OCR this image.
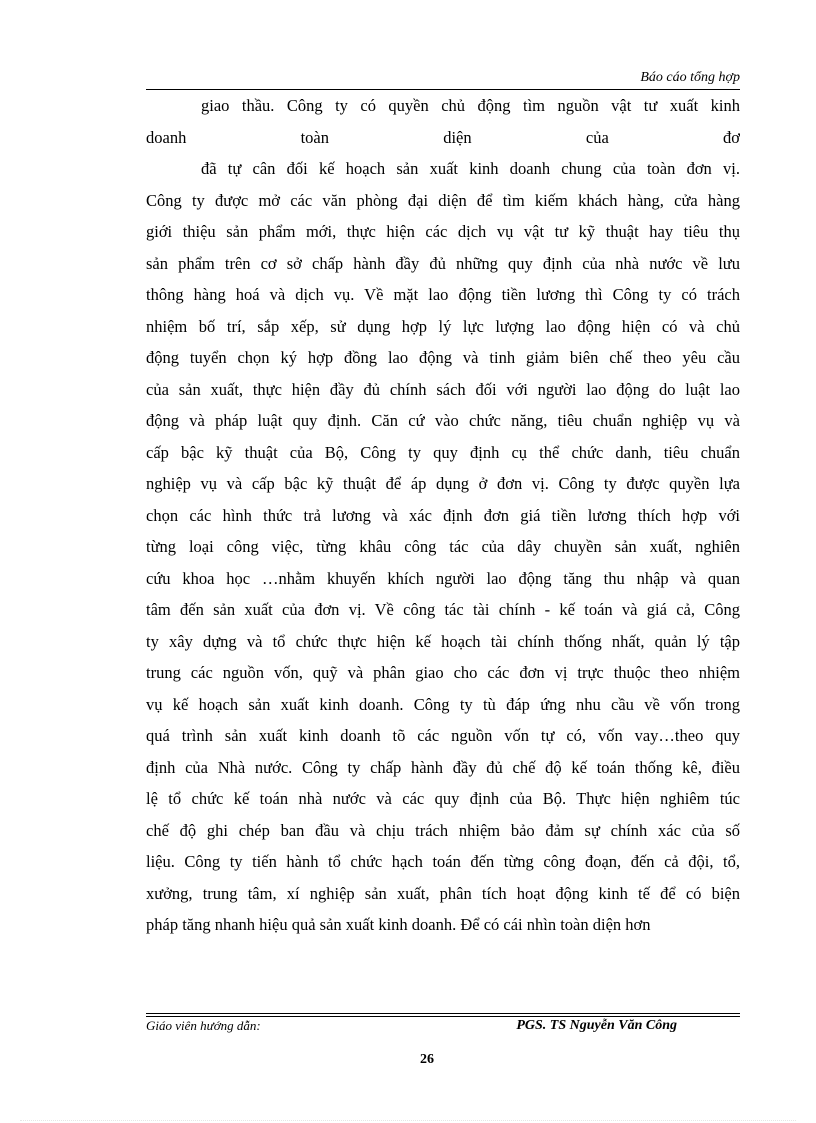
Báo cáo tổng hợp
giao thầu. Công ty có quyền chủ động tìm nguồn vật tư xuất kinh
doanh toàn diện của đơ
đã tự cân đối kế hoạch sản xuất kinh doanh chung của toàn đơn vị.
Công ty được mở các văn phòng đại diện để tìm kiếm khách hàng, cửa hàng
giới thiệu sản phẩm mới, thực hiện các dịch vụ vật tư kỹ thuật hay tiêu thụ
sản phẩm trên cơ sở chấp hành đầy đủ những quy định của nhà nước về lưu
thông hàng hoá và dịch vụ. Về mặt lao động tiền lương thì Công ty có trách
nhiệm bố trí, sắp xếp, sử dụng hợp lý lực lượng lao động hiện có và chủ
động tuyển chọn ký hợp đồng lao động và tinh giảm biên chế theo yêu cầu
của sản xuất, thực hiện đầy đủ chính sách đối với người lao động do luật lao
động và pháp luật quy định. Căn cứ vào chức năng, tiêu chuẩn nghiệp vụ và
cấp bậc kỹ thuật của Bộ, Công ty quy định cụ thể chức danh, tiêu chuẩn
nghiệp vụ và cấp bậc kỹ thuật để áp dụng ở đơn vị. Công ty được quyền lựa
chọn các hình thức trả lương và xác định đơn giá tiền lương thích hợp với
từng loại công việc, từng khâu công tác của dây chuyền sản xuất, nghiên
cứu khoa học …nhằm khuyến khích người lao động tăng thu nhập và quan
tâm đến sản xuất của đơn vị. Về công tác tài chính - kế toán và giá cả, Công
ty xây dựng và tổ chức thực hiện kế hoạch tài chính thống nhất, quản lý tập
trung các nguồn vốn, quỹ và phân giao cho các đơn vị trực thuộc theo nhiệm
vụ kế hoạch sản xuất kinh doanh. Công ty tù đáp ứng nhu cầu về vốn trong
quá trình sản xuất kinh doanh tõ các nguồn vốn tự có, vốn vay…theo quy
định của Nhà nước. Công ty chấp hành đầy đủ chế độ kế toán thống kê, điều
lệ tổ chức kế toán nhà nước và các quy định của Bộ. Thực hiện nghiêm túc
chế độ ghi chép ban đầu và chịu trách nhiệm bảo đảm sự chính xác của số
liệu. Công ty tiến hành tổ chức hạch toán đến từng công đoạn, đến cả đội, tổ,
xưởng, trung tâm, xí nghiệp sản xuất, phân tích hoạt động kinh tế để có biện
pháp tăng nhanh hiệu quả sản xuất kinh doanh. Để có cái nhìn toàn diện hơn
Giáo viên hướng dẫn:	PGS. TS Nguyễn Văn Công
26
